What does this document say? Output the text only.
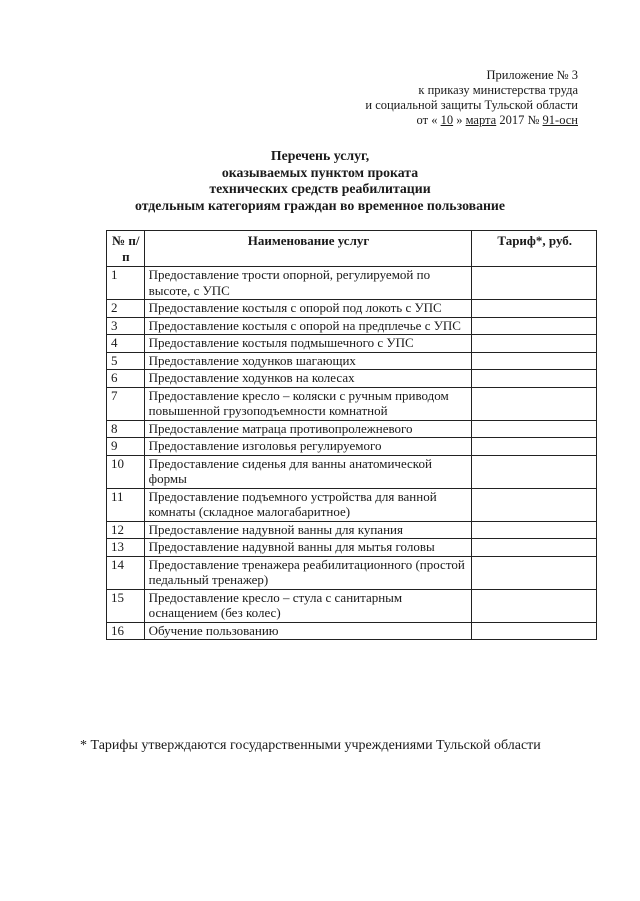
Приложение № 3
к приказу министерства труда
и социальной защиты Тульской области
от « 10 » марта 2017 № 91-осн
Перечень услуг,
оказываемых пунктом проката
технических средств реабилитации
отдельным категориям граждан во временное пользование
№ п/п	Наименование услуг	Тариф*, руб.
1	Предоставление трости опорной, регулируемой по высоте, с УПС	
2	Предоставление костыля с опорой под локоть с УПС	
3	Предоставление костыля с опорой на предплечье с УПС	
4	Предоставление костыля подмышечного с УПС	
5	Предоставление ходунков шагающих	
6	Предоставление ходунков на колесах	
7	Предоставление кресло – коляски с ручным приводом повышенной грузоподъемности комнатной	
8	Предоставление матраца противопролежневого	
9	Предоставление изголовья регулируемого	
10	Предоставление сиденья для ванны анатомической формы	
11	Предоставление подъемного устройства для ванной комнаты (складное малогабаритное)	
12	Предоставление надувной ванны для купания	
13	Предоставление надувной ванны для мытья головы	
14	Предоставление тренажера реабилитационного (простой педальный тренажер)	
15	Предоставление кресло – стула с санитарным оснащением (без колес)	
16	Обучение пользованию	
* Тарифы утверждаются государственными учреждениями Тульской области
